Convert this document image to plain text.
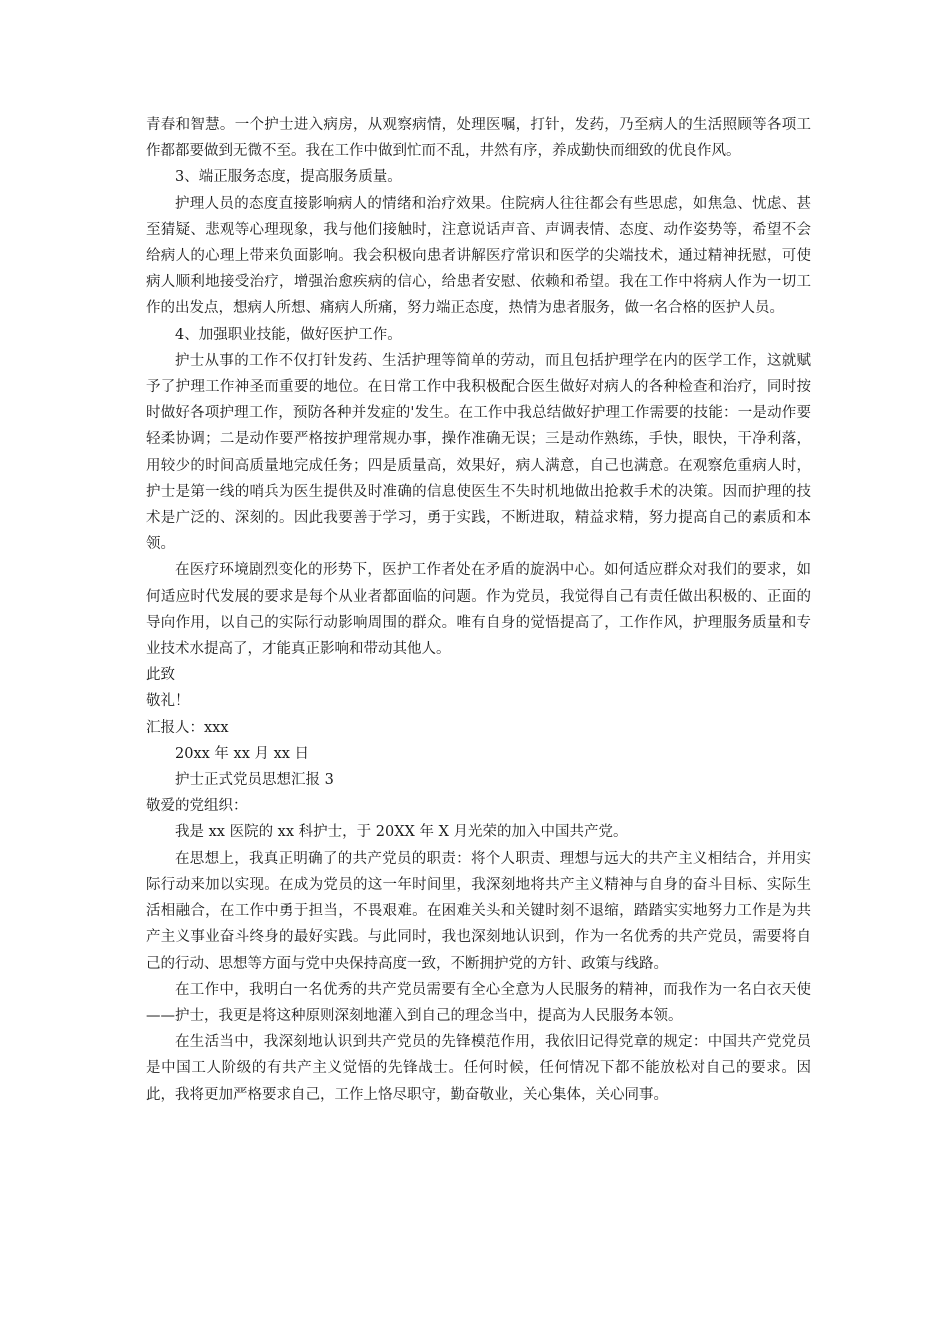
青春和智慧。一个护士进入病房，从观察病情，处理医嘱，打针，发药，乃至病人的生活照顾等各项工作都都要做到无微不至。我在工作中做到忙而不乱，井然有序，养成勤快而细致的优良作风。

3、端正服务态度，提高服务质量。

护理人员的态度直接影响病人的情绪和治疗效果。住院病人往往都会有些思虑，如焦急、忧虑、甚至猜疑、悲观等心理现象，我与他们接触时，注意说话声音、声调表情、态度、动作姿势等，希望不会给病人的心理上带来负面影响。我会积极向患者讲解医疗常识和医学的尖端技术，通过精神抚慰，可使病人顺利地接受治疗，增强治愈疾病的信心，给患者安慰、依赖和希望。我在工作中将病人作为一切工作的出发点，想病人所想、痛病人所痛，努力端正态度，热情为患者服务，做一名合格的医护人员。

4、加强职业技能，做好医护工作。

护士从事的工作不仅打针发药、生活护理等简单的劳动，而且包括护理学在内的医学工作，这就赋予了护理工作神圣而重要的地位。在日常工作中我积极配合医生做好对病人的各种检查和治疗，同时按时做好各项护理工作，预防各种并发症的'发生。在工作中我总结做好护理工作需要的技能：一是动作要轻柔协调；二是动作要严格按护理常规办事，操作准确无误；三是动作熟练，手快，眼快，干净利落，用较少的时间高质量地完成任务；四是质量高，效果好，病人满意，自己也满意。在观察危重病人时，护士是第一线的哨兵为医生提供及时准确的信息使医生不失时机地做出抢救手术的决策。因而护理的技术是广泛的、深刻的。因此我要善于学习，勇于实践，不断进取，精益求精，努力提高自己的素质和本领。

在医疗环境剧烈变化的形势下，医护工作者处在矛盾的旋涡中心。如何适应群众对我们的要求，如何适应时代发展的要求是每个从业者都面临的问题。作为党员，我觉得自己有责任做出积极的、正面的导向作用，以自己的实际行动影响周围的群众。唯有自身的觉悟提高了，工作作风，护理服务质量和专业技术水提高了，才能真正影响和带动其他人。

此致

敬礼！

汇报人：xxx

20xx 年 xx 月 xx 日

护士正式党员思想汇报 3

敬爱的党组织：

我是 xx 医院的 xx 科护士，于 20XX 年 X 月光荣的加入中国共产党。

在思想上，我真正明确了的共产党员的职责：将个人职责、理想与远大的共产主义相结合，并用实际行动来加以实现。在成为党员的这一年时间里，我深刻地将共产主义精神与自身的奋斗目标、实际生活相融合，在工作中勇于担当，不畏艰难。在困难关头和关键时刻不退缩，踏踏实实地努力工作是为共产主义事业奋斗终身的最好实践。与此同时，我也深刻地认识到，作为一名优秀的共产党员，需要将自己的行动、思想等方面与党中央保持高度一致，不断拥护党的方针、政策与线路。

在工作中，我明白一名优秀的共产党员需要有全心全意为人民服务的精神，而我作为一名白衣天使——护士，我更是将这种原则深刻地灌入到自己的理念当中，提高为人民服务本领。

在生活当中，我深刻地认识到共产党员的先锋模范作用，我依旧记得党章的规定：中国共产党党员是中国工人阶级的有共产主义觉悟的先锋战士。任何时候，任何情况下都不能放松对自己的要求。因此，我将更加严格要求自己，工作上恪尽职守，勤奋敬业，关心集体，关心同事。
